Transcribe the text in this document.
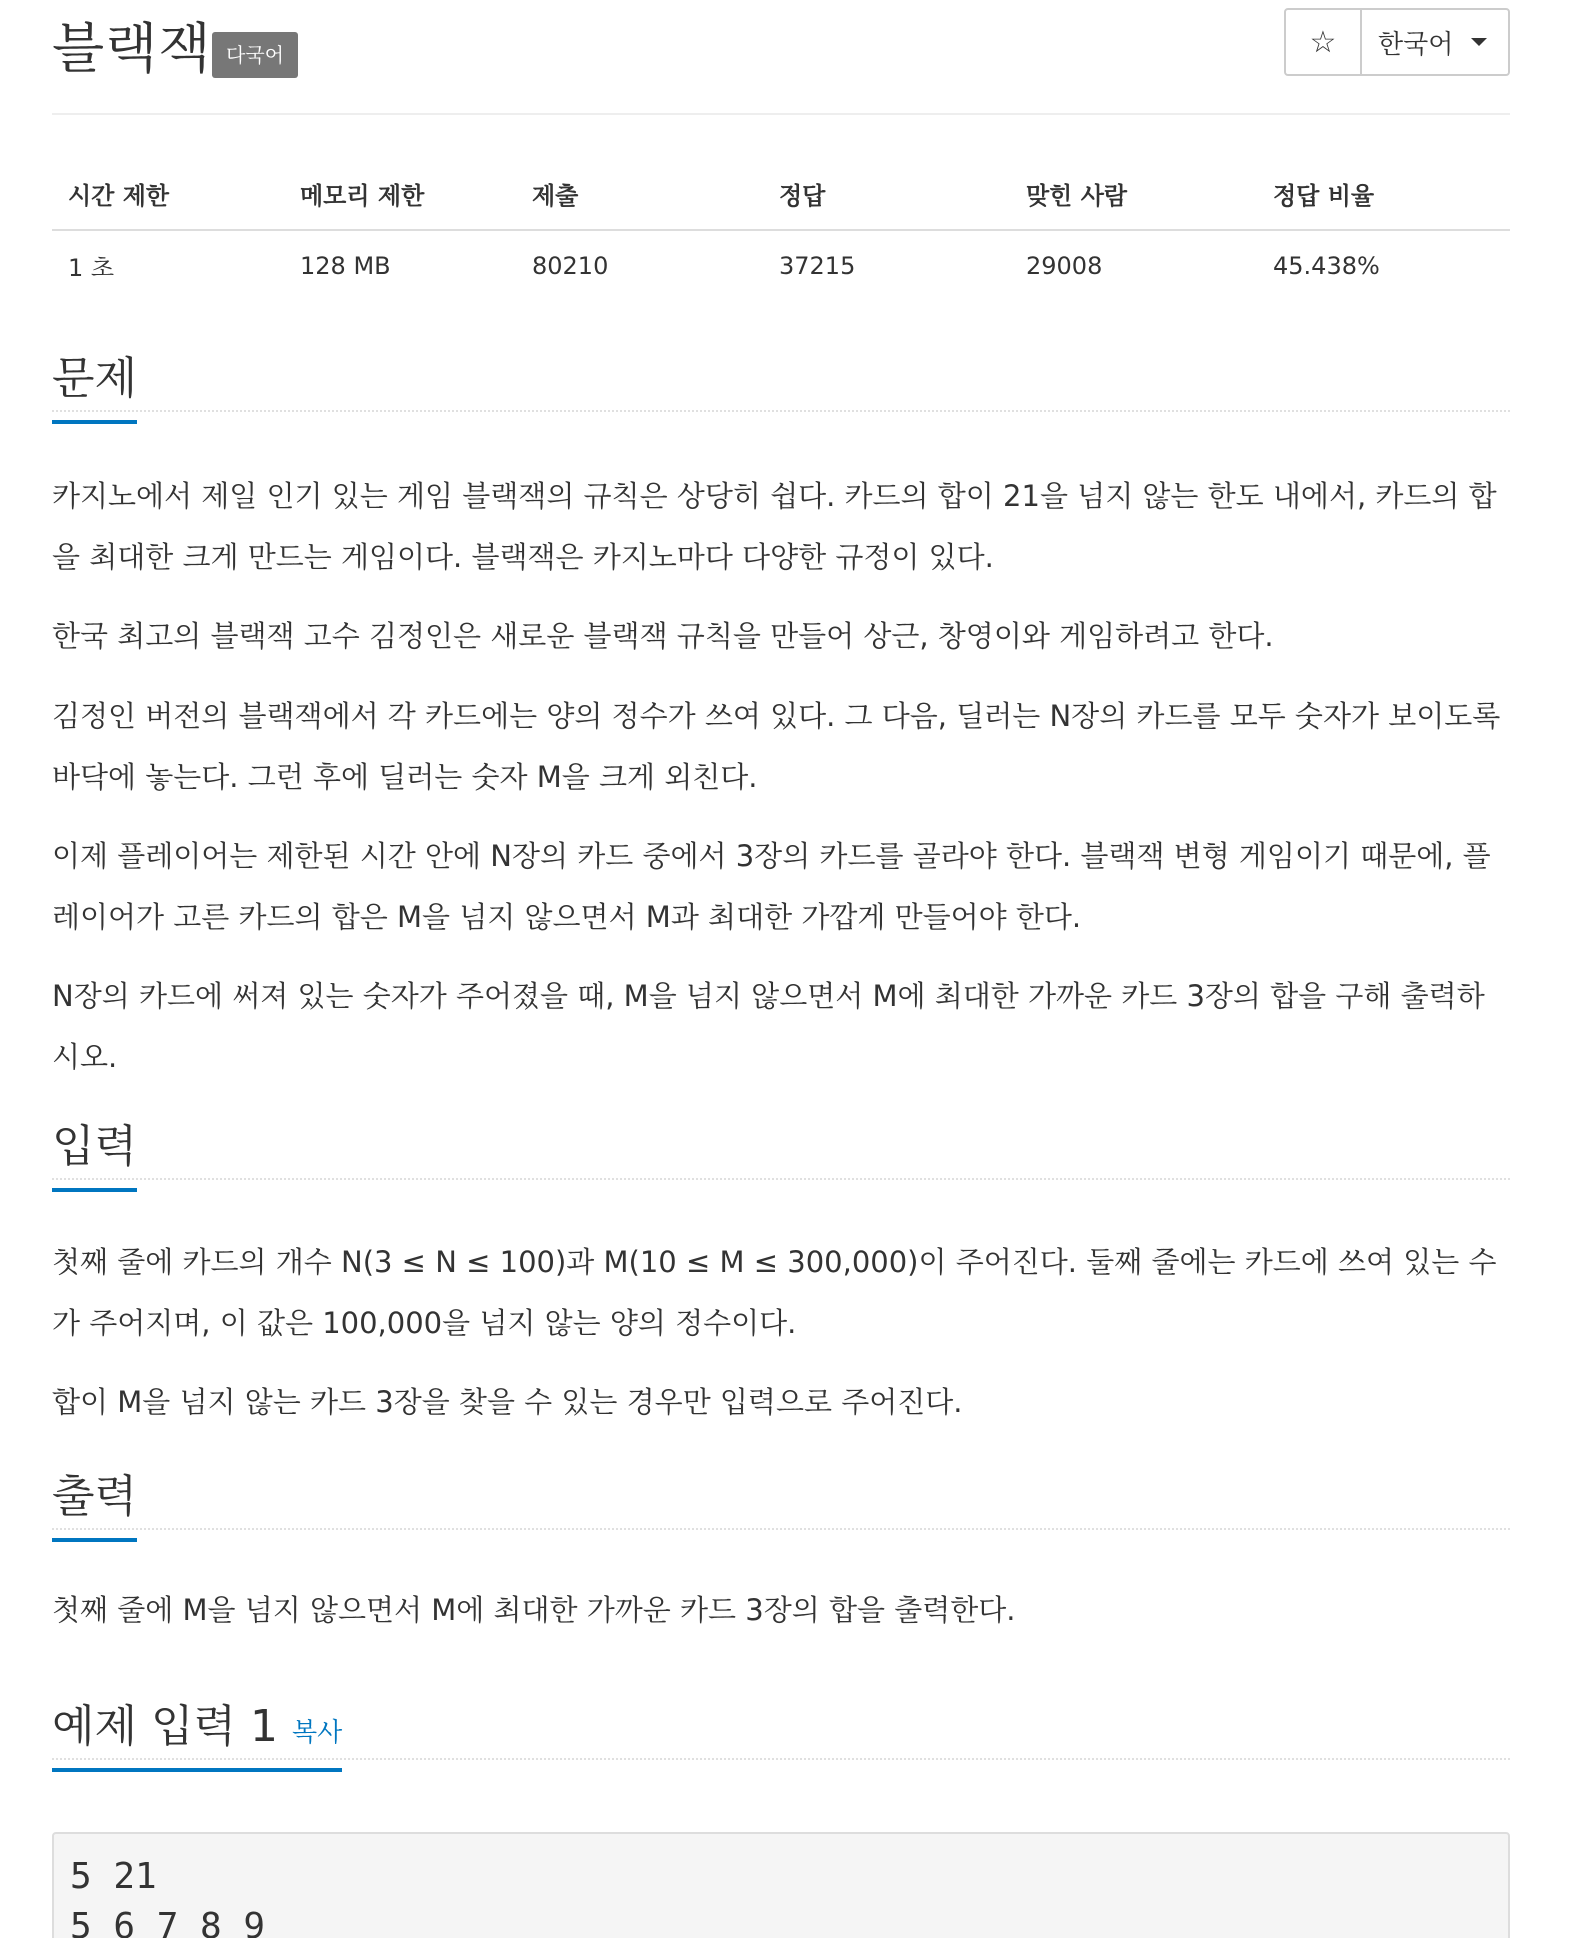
블랙잭 다국어	☆ 한국어
시간 제한	메모리 제한	제출	정답	맞힌 사람	정답 비율
1 초	128 MB	80210	37215	29008	45.438%
문제

카지노에서 제일 인기 있는 게임 블랙잭의 규칙은 상당히 쉽다. 카드의 합이 21을 넘지 않는 한도 내에서, 카드의 합을 최대한 크게 만드는 게임이다. 블랙잭은 카지노마다 다양한 규정이 있다.

한국 최고의 블랙잭 고수 김정인은 새로운 블랙잭 규칙을 만들어 상근, 창영이와 게임하려고 한다.

김정인 버전의 블랙잭에서 각 카드에는 양의 정수가 쓰여 있다. 그 다음, 딜러는 N장의 카드를 모두 숫자가 보이도록 바닥에 놓는다. 그런 후에 딜러는 숫자 M을 크게 외친다.

이제 플레이어는 제한된 시간 안에 N장의 카드 중에서 3장의 카드를 골라야 한다. 블랙잭 변형 게임이기 때문에, 플레이어가 고른 카드의 합은 M을 넘지 않으면서 M과 최대한 가깝게 만들어야 한다.

N장의 카드에 써져 있는 숫자가 주어졌을 때, M을 넘지 않으면서 M에 최대한 가까운 카드 3장의 합을 구해 출력하시오.

입력

첫째 줄에 카드의 개수 N(3 ≤ N ≤ 100)과 M(10 ≤ M ≤ 300,000)이 주어진다. 둘째 줄에는 카드에 쓰여 있는 수가 주어지며, 이 값은 100,000을 넘지 않는 양의 정수이다.

합이 M을 넘지 않는 카드 3장을 찾을 수 있는 경우만 입력으로 주어진다.

출력

첫째 줄에 M을 넘지 않으면서 M에 최대한 가까운 카드 3장의 합을 출력한다.

예제 입력 1 복사
5 21
5 6 7 8 9
